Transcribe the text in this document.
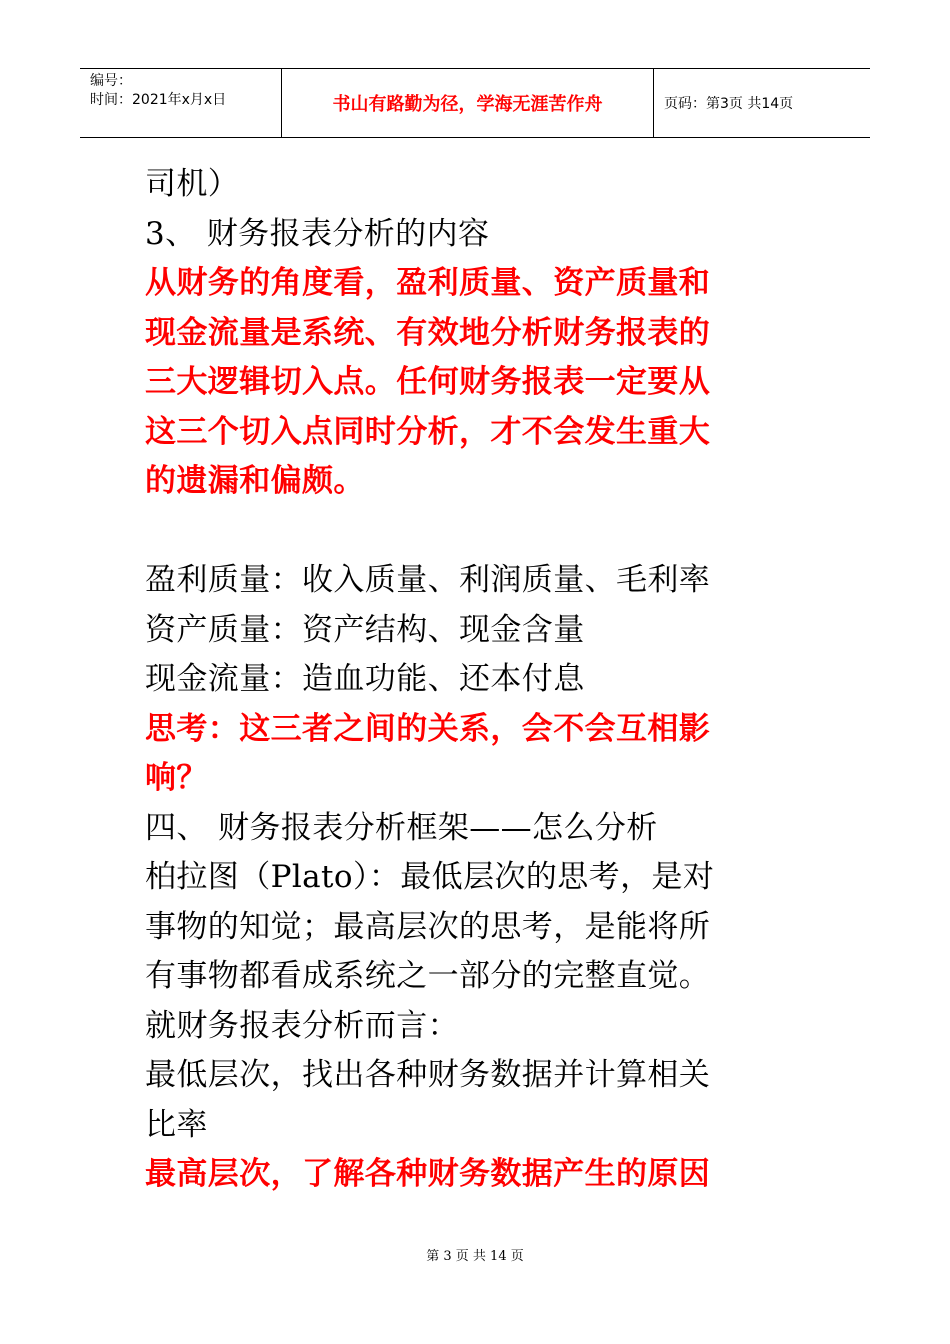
编号：
时间：2021年x月x日	书山有路勤为径，学海无涯苦作舟	页码：第3页 共14页
司机）
3、 财务报表分析的内容
从财务的角度看，盈利质量、资产质量和
现金流量是系统、有效地分析财务报表的
三大逻辑切入点。任何财务报表一定要从
这三个切入点同时分析，才不会发生重大
的遗漏和偏颇。
盈利质量：收入质量、利润质量、毛利率
资产质量：资产结构、现金含量
现金流量：造血功能、还本付息
思考：这三者之间的关系，会不会互相影
响？
四、 财务报表分析框架——怎么分析
柏拉图（Plato）：最低层次的思考，是对
事物的知觉；最高层次的思考，是能将所
有事物都看成系统之一部分的完整直觉。
就财务报表分析而言：
最低层次，找出各种财务数据并计算相关
比率
最高层次，了解各种财务数据产生的原因
第 3 页 共 14 页
